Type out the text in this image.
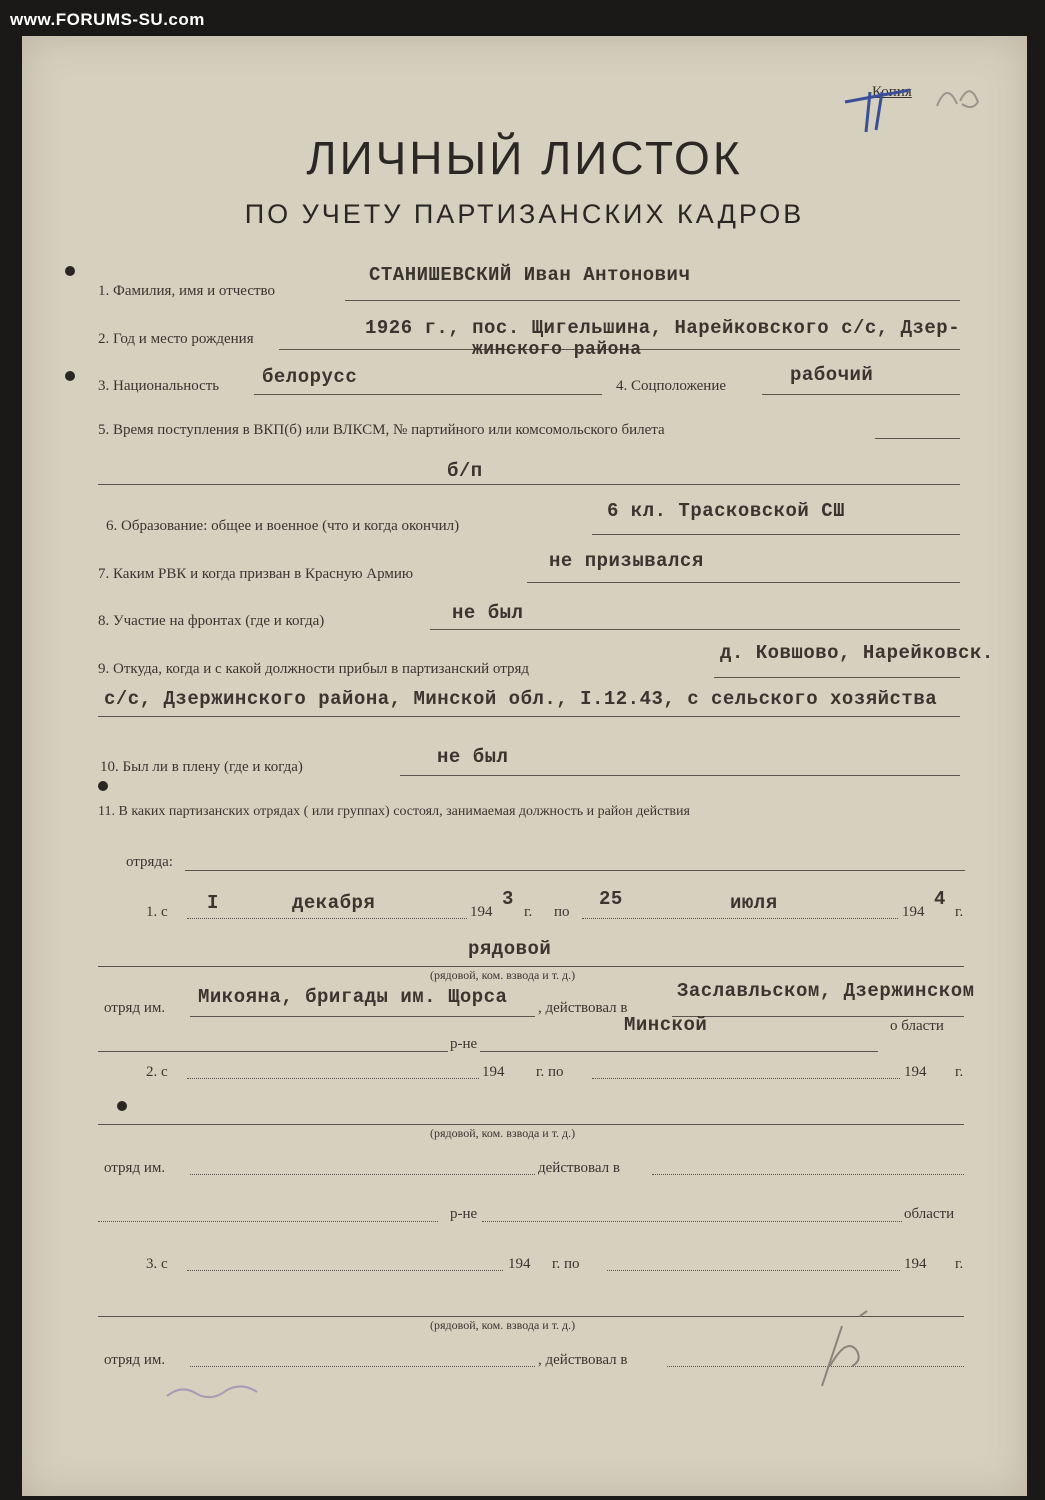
www.FORUMS-SU.com
Копия
ЛИЧНЫЙ ЛИСТОК
ПО УЧЕТУ ПАРТИЗАНСКИХ КАДРОВ
1. Фамилия, имя и отчество
СТАНИШЕВСКИЙ Иван Антонович
2. Год и место рождения	1926 г., пос. Щигельшина, Нарейковского с/с, Дзер-
жинского района
3. Национальность белорусс	4. Соцположение	рабочий
5. Время поступления в ВКП(б) или ВЛКСМ, № партийного или комсомольского билета
б/п
6. Образование: общее и военное (что и когда окончил)
6 кл. Трасковской СШ
7. Каким РВК и когда призван в Красную Армию
не призывался
8. Участие на фронтах (где и когда)	не был
9. Откуда, когда и с какой должности прибыл в партизанский отряд
д. Ковшово, Нарейковск.
с/с, Дзержинского района, Минской обл., I.12.43, с сельского хозяйства
10. Был ли в плену (где и когда)	не был
11. В каких партизанских отрядах ( или группах) состоял, занимаемая должность и район действия
отряда:
1. с I	декабря	194
3
г. по
25	июля	194
4
г.
рядовой
(рядовой, ком. взвода и т. д.)
отряд им. Микояна, бригады им. Щорса , действовал в
Заславльском, Дзержинском
р-не
Минской	о бласти
2. с	194 г. по	194 г.
(рядовой, ком. взвода и т. д.)
отряд им.	действовал в
р-не	области
3. с	194 г. по	194 г.
(рядовой, ком. взвода и т. д.)
отряд им.	, действовал в
